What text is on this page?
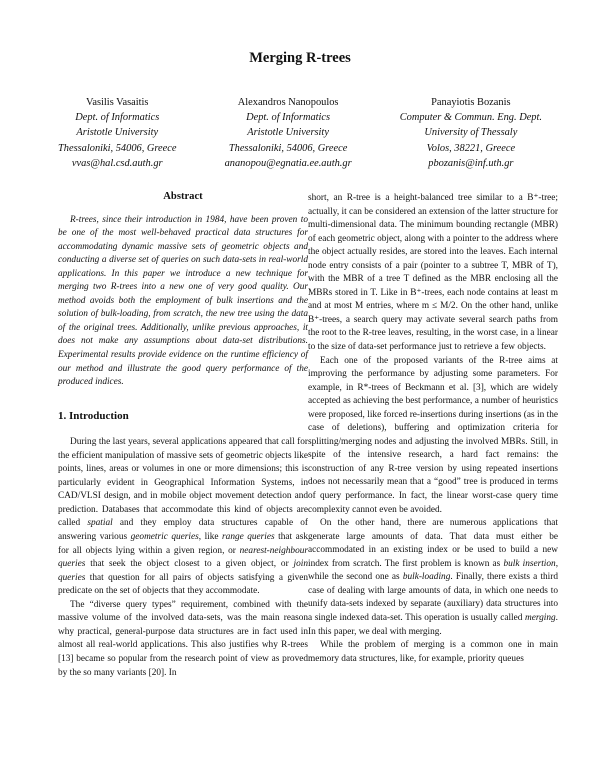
Merging R-trees
Vasilis Vasaitis
Dept. of Informatics
Aristotle University
Thessaloniki, 54006, Greece
vvas@hal.csd.auth.gr
Alexandros Nanopoulos
Dept. of Informatics
Aristotle University
Thessaloniki, 54006, Greece
ananopou@egnatia.ee.auth.gr
Panayiotis Bozanis
Computer & Commun. Eng. Dept.
University of Thessaly
Volos, 38221, Greece
pbozanis@inf.uth.gr
Abstract

R-trees, since their introduction in 1984, have been proven to be one of the most well-behaved practical data structures for accommodating dynamic massive sets of geometric objects and conducting a diverse set of queries on such data-sets in real-world applications. In this paper we introduce a new technique for merging two R-trees into a new one of very good quality. Our method avoids both the employment of bulk insertions and the solution of bulk-loading, from scratch, the new tree using the data of the original trees. Additionally, unlike previous approaches, it does not make any assumptions about data-set distributions. Experimental results provide evidence on the runtime efficiency of our method and illustrate the good query performance of the produced indices.

1. Introduction

During the last years, several applications appeared that call for the efficient manipulation of massive sets of geometric objects like points, lines, areas or volumes in one or more dimensions; this is particularly evident in Geographical Information Systems, in CAD/VLSI design, and in mobile object movement detection and prediction. Databases that accommodate this kind of objects are called spatial and they employ data structures capable of answering various geometric queries, like range queries that ask for all objects lying within a given region, or nearest-neighbour queries that seek the object closest to a given object, or join queries that question for all pairs of objects satisfying a given predicate on the set of objects that they accommodate.

The “diverse query types” requirement, combined with the massive volume of the involved data-sets, was the main reason why practical, general-purpose data structures are in fact used in almost all real-world applications. This also justifies why R-trees [13] became so popular from the research point of view as proved by the so many variants [20]. In

short, an R-tree is a height-balanced tree similar to a B⁺-tree; actually, it can be considered an extension of the latter structure for multi-dimensional data. The minimum bounding rectangle (MBR) of each geometric object, along with a pointer to the address where the object actually resides, are stored into the leaves. Each internal node entry consists of a pair (pointer to a subtree T, MBR of T), with the MBR of a tree T defined as the MBR enclosing all the MBRs stored in T. Like in B⁺-trees, each node contains at least m and at most M entries, where m ≤ M/2. On the other hand, unlike B⁺-trees, a search query may activate several search paths from the root to the R-tree leaves, resulting, in the worst case, in a linear to the size of data-set performance just to retrieve a few objects.

Each one of the proposed variants of the R-tree aims at improving the performance by adjusting some parameters. For example, in R*-trees of Beckmann et al. [3], which are widely accepted as achieving the best performance, a number of heuristics were proposed, like forced re-insertions during insertions (as in the case of deletions), buffering and optimization criteria for splitting/merging nodes and adjusting the involved MBRs. Still, in spite of the intensive research, a hard fact remains: the construction of any R-tree version by using repeated insertions does not necessarily mean that a “good” tree is produced in terms of query performance. In fact, the linear worst-case query time complexity cannot even be avoided.

On the other hand, there are numerous applications that generate large amounts of data. That data must either be accommodated in an existing index or be used to build a new index from scratch. The first problem is known as bulk insertion, while the second one as bulk-loading. Finally, there exists a third case of dealing with large amounts of data, in which one needs to unify data-sets indexed by separate (auxiliary) data structures into a single indexed data-set. This operation is usually called merging. In this paper, we deal with merging.

While the problem of merging is a common one in main memory data structures, like, for example, priority queues
